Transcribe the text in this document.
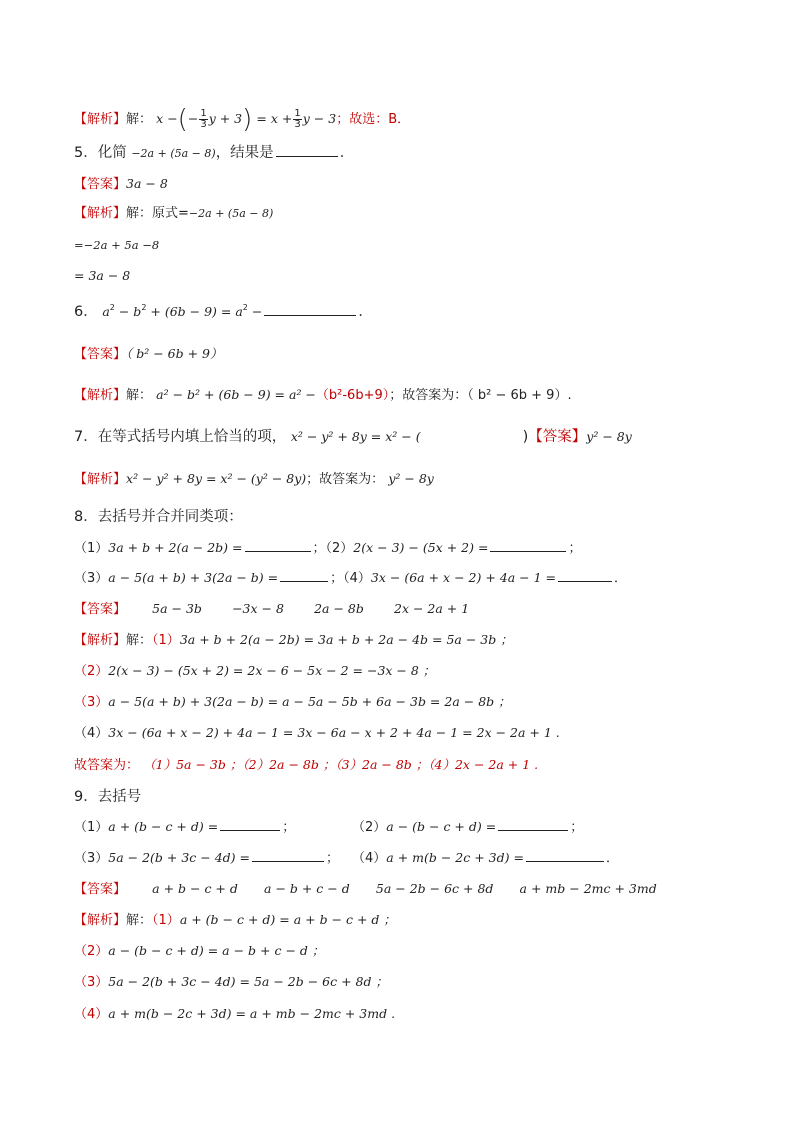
【解析】解： x −(− $\frac{1}{3}$ $y + 3) = x + \frac{1}{3}$ y − 3；故选：B．
5．化简 −2a + (5a − 8)，结果是	．
【答案】3a − 8
【解析】解：原式=−2a + (5a − 8)
=−2a + 5a −8
= 3a − 8
6． $a^2 - b^2 + (6b - 9) = a^2$ −	．
【答案】（ b² − 6b + 9）
【解析】解： a² − b² + (6b − 9) = a² −（b²-6b+9）；故答案为：（ b² − 6b + 9）.
7．在等式括号内填上恰当的项， x² − y² + 8y = x² − (	)【答案】y² − 8y
【解析】x² − y² + 8y = x² − (y² − 8y)；故答案为： y² − 8y
8．去括号并合并同类项：
（1）3a + b + 2(a − 2b) =	；（2）2(x − 3) − (5x + 2) =	；
（3）a − 5(a + b) + 3(2a − b) =	；（4）3x − (6a + x − 2) + 4a − 1 =	．
【答案】 5a − 3b −3x − 8 2a − 8b 2x − 2a + 1
【解析】解：（1）3a + b + 2(a − 2b) = 3a + b + 2a − 4b = 5a − 3b ；
（2）2(x − 3) − (5x + 2) = 2x − 6 − 5x − 2 = −3x − 8 ；
（3）a − 5(a + b) + 3(2a − b) = a − 5a − 5b + 6a − 3b = 2a − 8b ；
（4）3x − (6a + x − 2) + 4a − 1 = 3x − 6a − x + 2 + 4a − 1 = 2x − 2a + 1 .
故答案为： （1）5a − 3b ；（2）2a − 8b ；（3）2a − 8b ；（4）2x − 2a + 1 .
9．去括号
（1）a + (b − c + d) =	；	（2）a − (b − c + d) =	；
（3）5a − 2(b + 3c − 4d) =	； （4）a + m(b − 2c + 3d) =	．
【答案】 a + b − c + d a − b + c − d 5a − 2b − 6c + 8d a + mb − 2mc + 3md
【解析】解：（1）a + (b − c + d) = a + b − c + d ；
（2）a − (b − c + d) = a − b + c − d ；
（3）5a − 2(b + 3c − 4d) = 5a − 2b − 6c + 8d ；
（4）a + m(b − 2c + 3d) = a + mb − 2mc + 3md .
